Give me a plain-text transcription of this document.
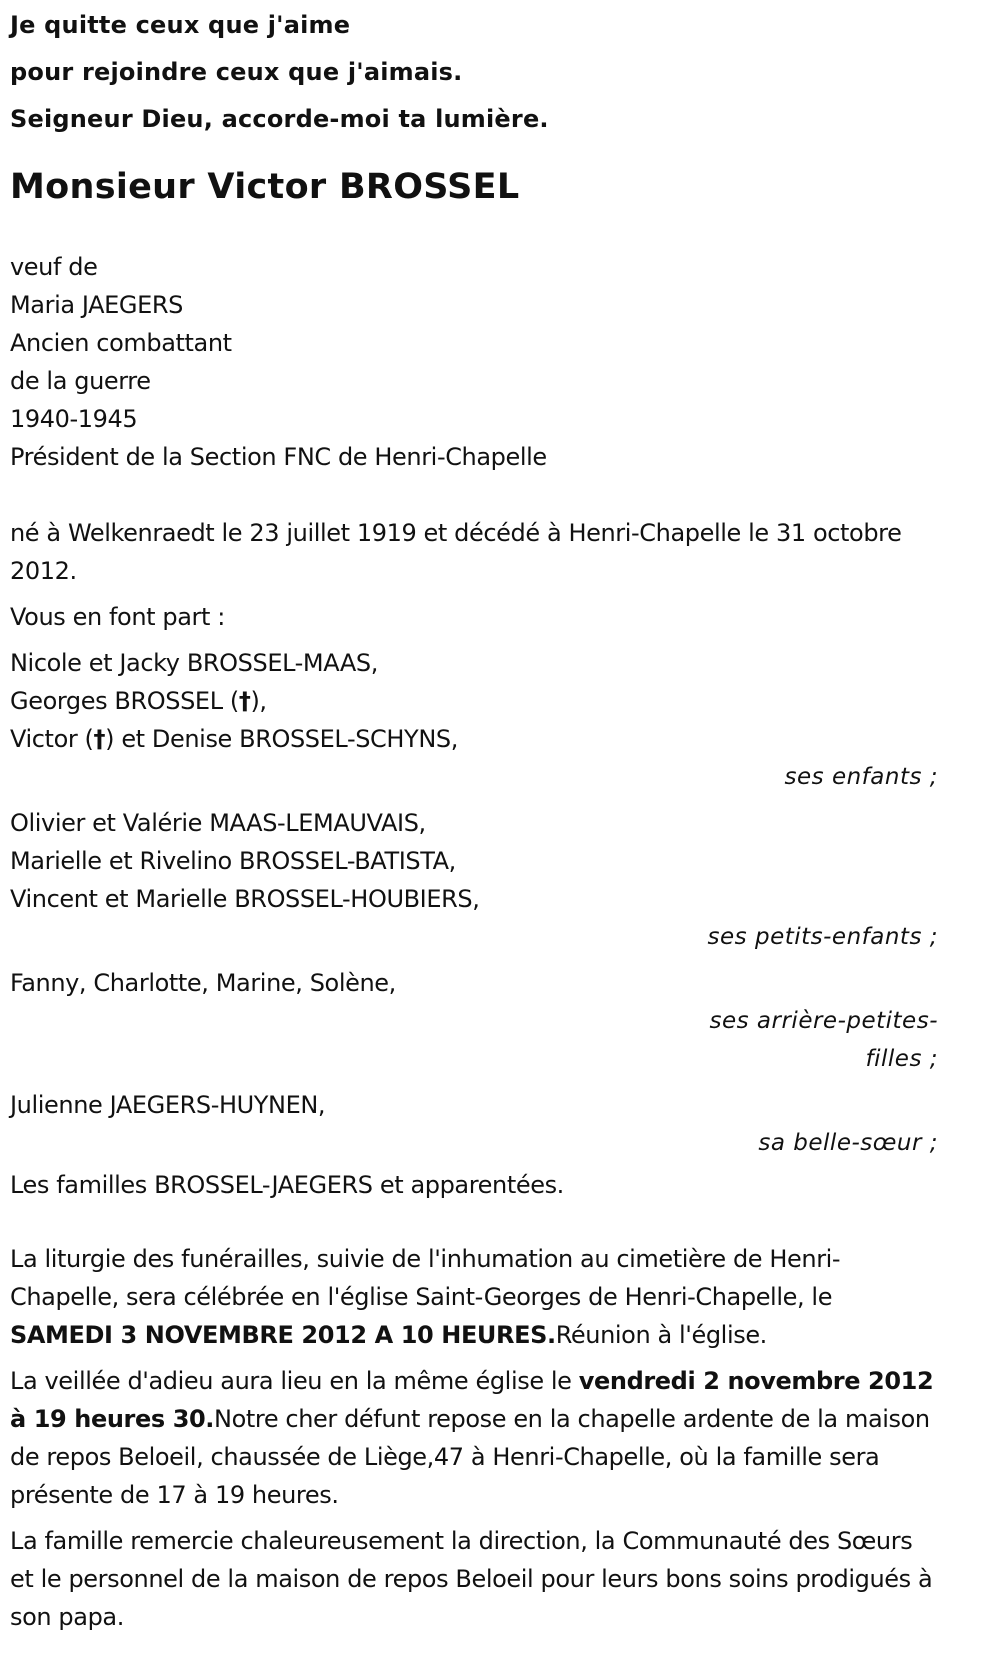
Je quitte ceux que j'aime
pour rejoindre ceux que j'aimais.
Seigneur Dieu, accorde-moi ta lumière.
Monsieur Victor BROSSEL
veuf de
Maria JAEGERS
Ancien combattant
de la guerre
1940-1945
Président de la Section FNC de Henri-Chapelle
né à Welkenraedt le 23 juillet 1919 et décédé à Henri-Chapelle le 31 octobre 2012.
Vous en font part :
Nicole et Jacky BROSSEL-MAAS,
Georges BROSSEL (†),
Victor (†) et Denise BROSSEL-SCHYNS,
ses enfants ;
Olivier et Valérie MAAS-LEMAUVAIS,
Marielle et Rivelino BROSSEL-BATISTA,
Vincent et Marielle BROSSEL-HOUBIERS,
ses petits-enfants ;
Fanny, Charlotte, Marine, Solène,
ses arrière-petites-filles ;
Julienne JAEGERS-HUYNEN,
sa belle-sœur ;
Les familles BROSSEL-JAEGERS et apparentées.
La liturgie des funérailles, suivie de l'inhumation au cimetière de Henri-Chapelle, sera célébrée en l'église Saint-Georges de Henri-Chapelle, le SAMEDI 3 NOVEMBRE 2012 A 10 HEURES.Réunion à l'église.
La veillée d'adieu aura lieu en la même église le vendredi 2 novembre 2012 à 19 heures 30.Notre cher défunt repose en la chapelle ardente de la maison de repos Beloeil, chaussée de Liège,47 à Henri-Chapelle, où la famille sera présente de 17 à 19 heures.
La famille remercie chaleureusement la direction, la Communauté des Sœurs et le personnel de la maison de repos Beloeil pour leurs bons soins prodigués à son papa.
